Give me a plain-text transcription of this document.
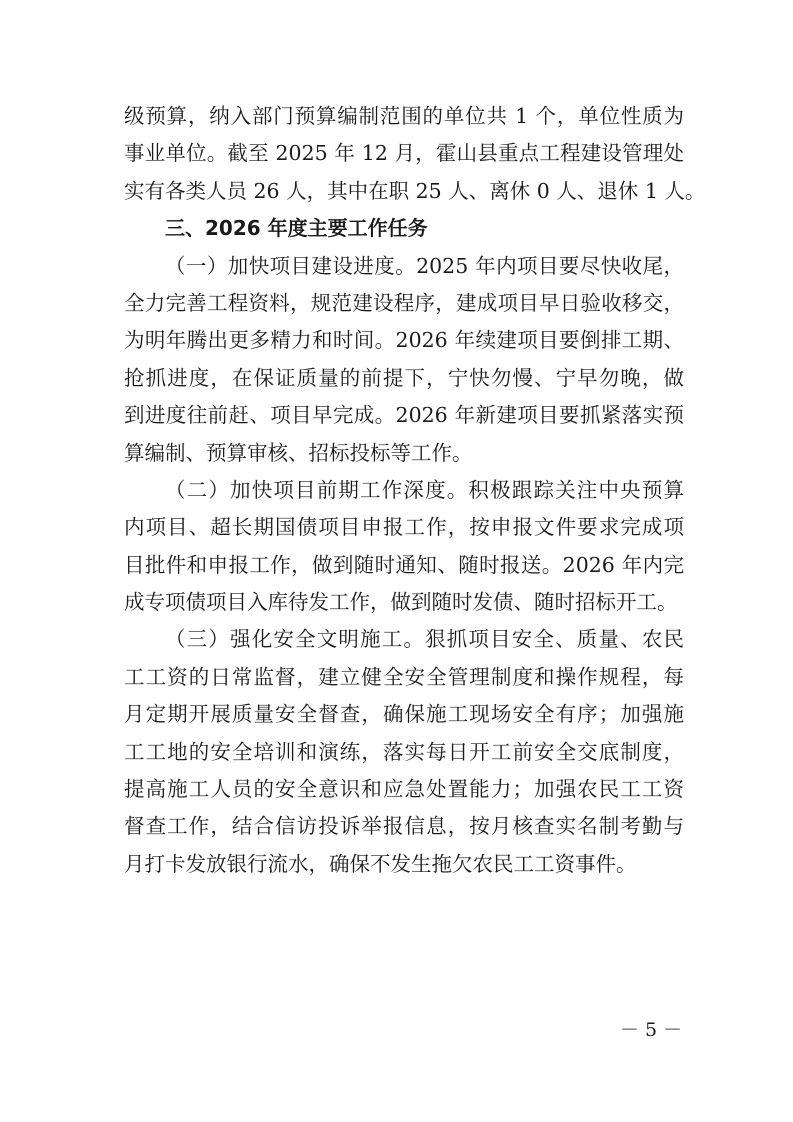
级预算，纳入部门预算编制范围的单位共 1 个，单位性质为
事业单位。截至 2025 年 12 月，霍山县重点工程建设管理处
实有各类人员 26 人，其中在职 25 人、离休 0 人、退休 1 人。
三、2026 年度主要工作任务
（一）加快项目建设进度。2025 年内项目要尽快收尾，
全力完善工程资料，规范建设程序，建成项目早日验收移交，
为明年腾出更多精力和时间。2026 年续建项目要倒排工期、
抢抓进度，在保证质量的前提下，宁快勿慢、宁早勿晚，做
到进度往前赶、项目早完成。2026 年新建项目要抓紧落实预
算编制、预算审核、招标投标等工作。
（二）加快项目前期工作深度。积极跟踪关注中央预算
内项目、超长期国债项目申报工作，按申报文件要求完成项
目批件和申报工作，做到随时通知、随时报送。2026 年内完
成专项债项目入库待发工作，做到随时发债、随时招标开工。
（三）强化安全文明施工。狠抓项目安全、质量、农民
工工资的日常监督，建立健全安全管理制度和操作规程，每
月定期开展质量安全督查，确保施工现场安全有序；加强施
工工地的安全培训和演练，落实每日开工前安全交底制度，
提高施工人员的安全意识和应急处置能力；加强农民工工资
督查工作，结合信访投诉举报信息，按月核查实名制考勤与
月打卡发放银行流水，确保不发生拖欠农民工工资事件。
－ 5 －
